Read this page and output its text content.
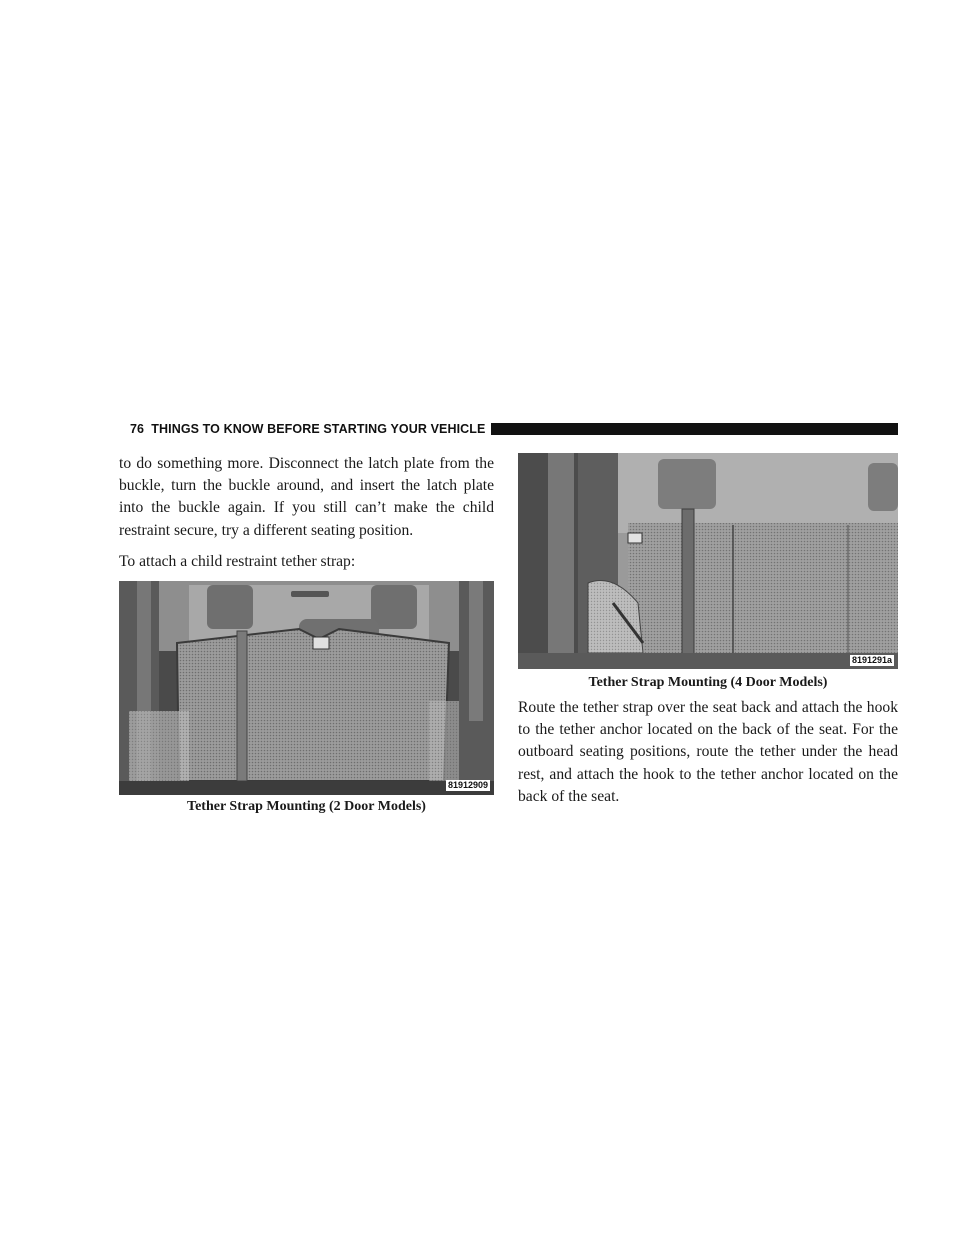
76 THINGS TO KNOW BEFORE STARTING YOUR VEHICLE

to do something more. Disconnect the latch plate from the buckle, turn the buckle around, and insert the latch plate into the buckle again. If you still can’t make the child restraint secure, try a different seating position.

To attach a child restraint tether strap:

81912909
Tether Strap Mounting (2 Door Models)
8191291a
Tether Strap Mounting (4 Door Models)

Route the tether strap over the seat back and attach the hook to the tether anchor located on the back of the seat. For the outboard seating positions, route the tether under the head rest, and attach the hook to the tether anchor located on the back of the seat.
